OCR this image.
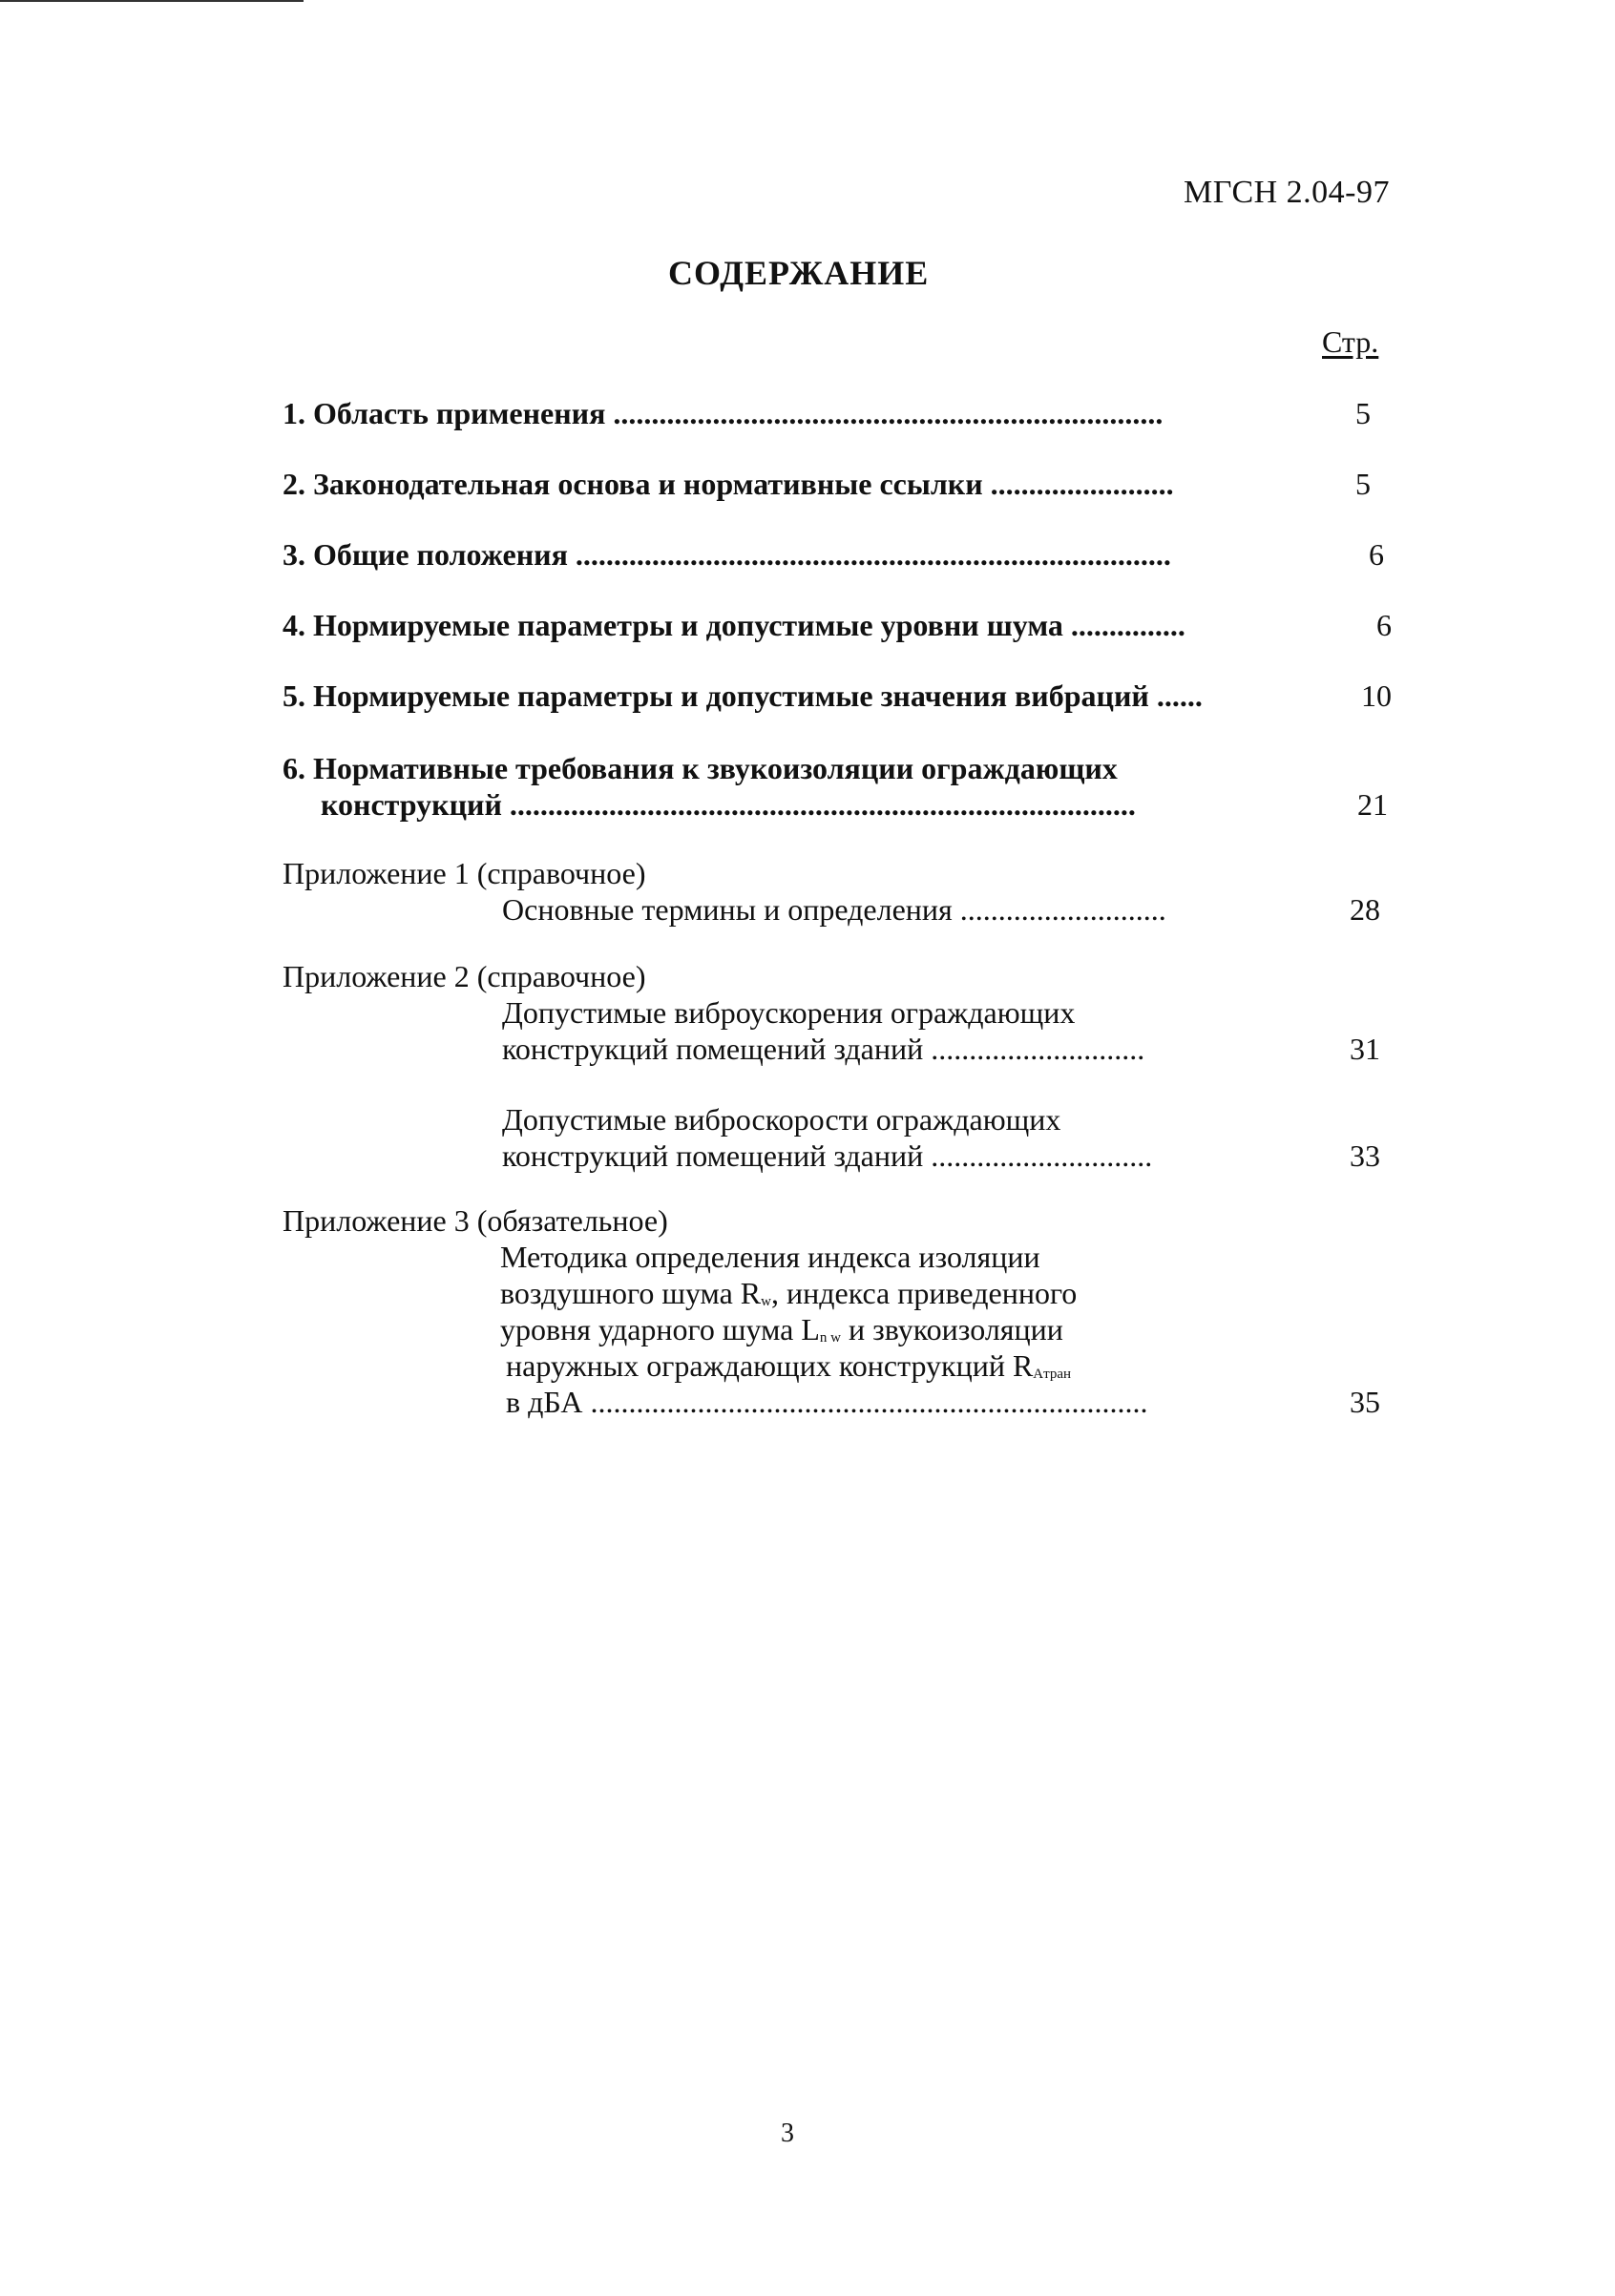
МГСН 2.04-97
СОДЕРЖАНИЕ
Стр.
1. Область применения ........................................................................	5
2. Законодательная основа и нормативные ссылки ........................	5
3. Общие положения ..............................................................................	6
4. Нормируемые параметры и допустимые уровни шума ...............	6
5. Нормируемые параметры и допустимые значения вибраций ......	10
6. Нормативные требования к звукоизоляции ограждающих
конструкций ..................................................................................	21
Приложение 1 (справочное)
Основные термины и определения ...........................	28
Приложение 2 (справочное)
Допустимые виброускорения ограждающих
конструкций помещений зданий ............................	31
Допустимые виброскорости ограждающих
конструкций помещений зданий .............................	33
Приложение 3 (обязательное)
Методика определения индекса изоляции
воздушного шума $R_w$, индекса приведенного
уровня ударного шума $L_{n w}$ и звукоизоляции
наружных ограждающих конструкций $R_{Aтран}$
в дБА .........................................................................	35
3
